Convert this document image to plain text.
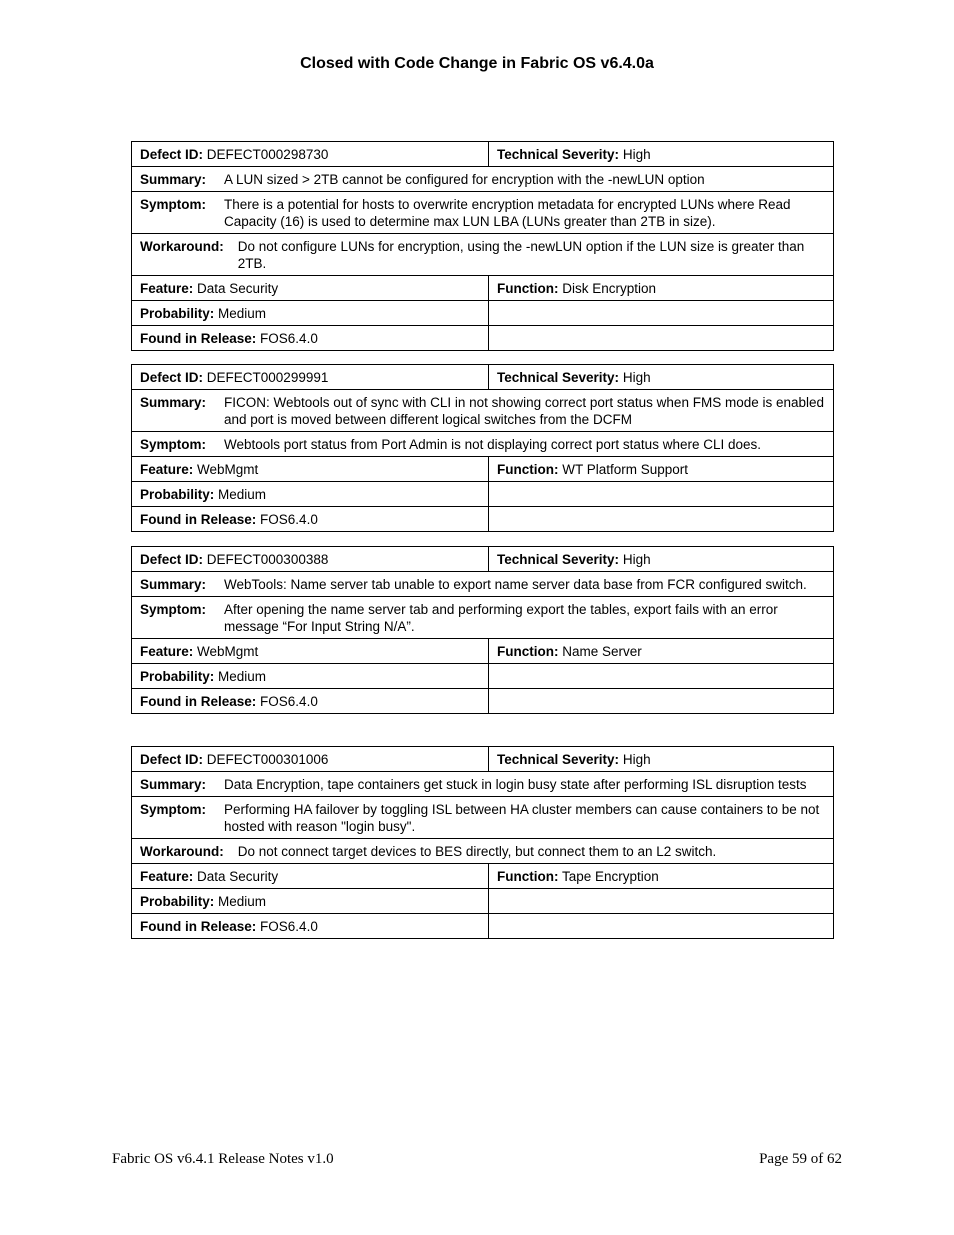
Closed with Code Change in Fabric OS v6.4.0a
Defect ID: DEFECT000298730	Technical Severity: High

Summary: A LUN sized > 2TB cannot be configured for encryption with the -newLUN option	

Symptom: There is a potential for hosts to overwrite encryption metadata for encrypted LUNs where Read Capacity (16) is used to determine max LUN LBA (LUNs greater than 2TB in size).	

Workaround: Do not configure LUNs for encryption, using the -newLUN option if the LUN size is greater than 2TB.	

Feature: Data Security	Function: Disk Encryption
Probability: Medium	
Found in Release: FOS6.4.0	
Defect ID: DEFECT000299991	Technical Severity: High

Summary: FICON: Webtools out of sync with CLI in not showing correct port status when FMS mode is enabled and port is moved between different logical switches from the DCFM	

Symptom: Webtools port status from Port Admin is not displaying correct port status where CLI does.	

Feature: WebMgmt	Function: WT Platform Support
Probability: Medium	
Found in Release: FOS6.4.0	
Defect ID: DEFECT000300388	Technical Severity: High

Summary: WebTools: Name server tab unable to export name server data base from FCR configured switch.	

Symptom: After opening the name server tab and performing export the tables, export fails with an error message “For Input String N/A”.	

Feature: WebMgmt	Function: Name Server
Probability: Medium	
Found in Release: FOS6.4.0	
Defect ID: DEFECT000301006	Technical Severity: High

Summary: Data Encryption, tape containers get stuck in login busy state after performing ISL disruption tests	

Symptom: Performing HA failover by toggling ISL between HA cluster members can cause containers to be not hosted with reason "login busy".	

Workaround: Do not connect target devices to BES directly, but connect them to an L2 switch.	

Feature: Data Security	Function: Tape Encryption
Probability: Medium	
Found in Release: FOS6.4.0	
Fabric OS v6.4.1 Release Notes v1.0	Page 59 of 62
